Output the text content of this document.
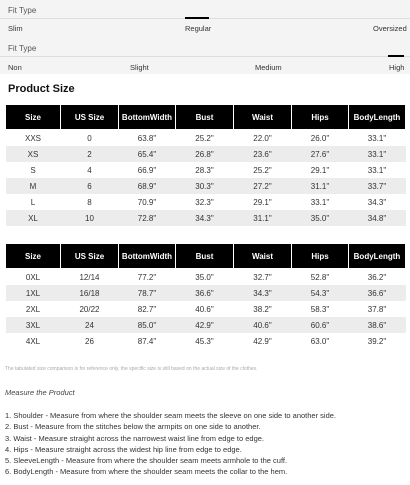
Fit Type
Slim	Regular	Oversized
Fit Type
Non	Slight	Medium	High
Product Size
Size	US Size	BottomWidth	Bust	Waist	Hips	BodyLength
XXS	0	63.8"	25.2"	22.0"	26.0"	33.1"
XS	2	65.4"	26.8"	23.6"	27.6"	33.1"
S	4	66.9"	28.3"	25.2"	29.1"	33.1"
M	6	68.9"	30.3"	27.2"	31.1"	33.7"
L	8	70.9"	32.3"	29.1"	33.1"	34.3"
XL	10	72.8"	34.3"	31.1"	35.0"	34.8"
Size	US Size	BottomWidth	Bust	Waist	Hips	BodyLength
0XL	12/14	77.2"	35.0"	32.7"	52.8"	36.2"
1XL	16/18	78.7"	36.6"	34.3"	54.3"	36.6"
2XL	20/22	82.7"	40.6"	38.2"	58.3"	37.8"
3XL	24	85.0"	42.9"	40.6"	60.6"	38.6"
4XL	26	87.4"	45.3"	42.9"	63.0"	39.2"
The tabulated size comparison is for reference only, the specific size is still based on the actual size of the clothes.
Measure the Product
1. Shoulder - Measure from where the shoulder seam meets the sleeve on one side to another side.
2. Bust - Measure from the stitches below the armpits on one side to another.
3. Waist - Measure straight across the narrowest waist line from edge to edge.
4. Hips - Measure straight across the widest hip line from edge to edge.
5. SleeveLength - Measure from where the shoulder seam meets armhole to the cuff.
6. BodyLength - Measure from where the shoulder seam meets the collar to the hem.
